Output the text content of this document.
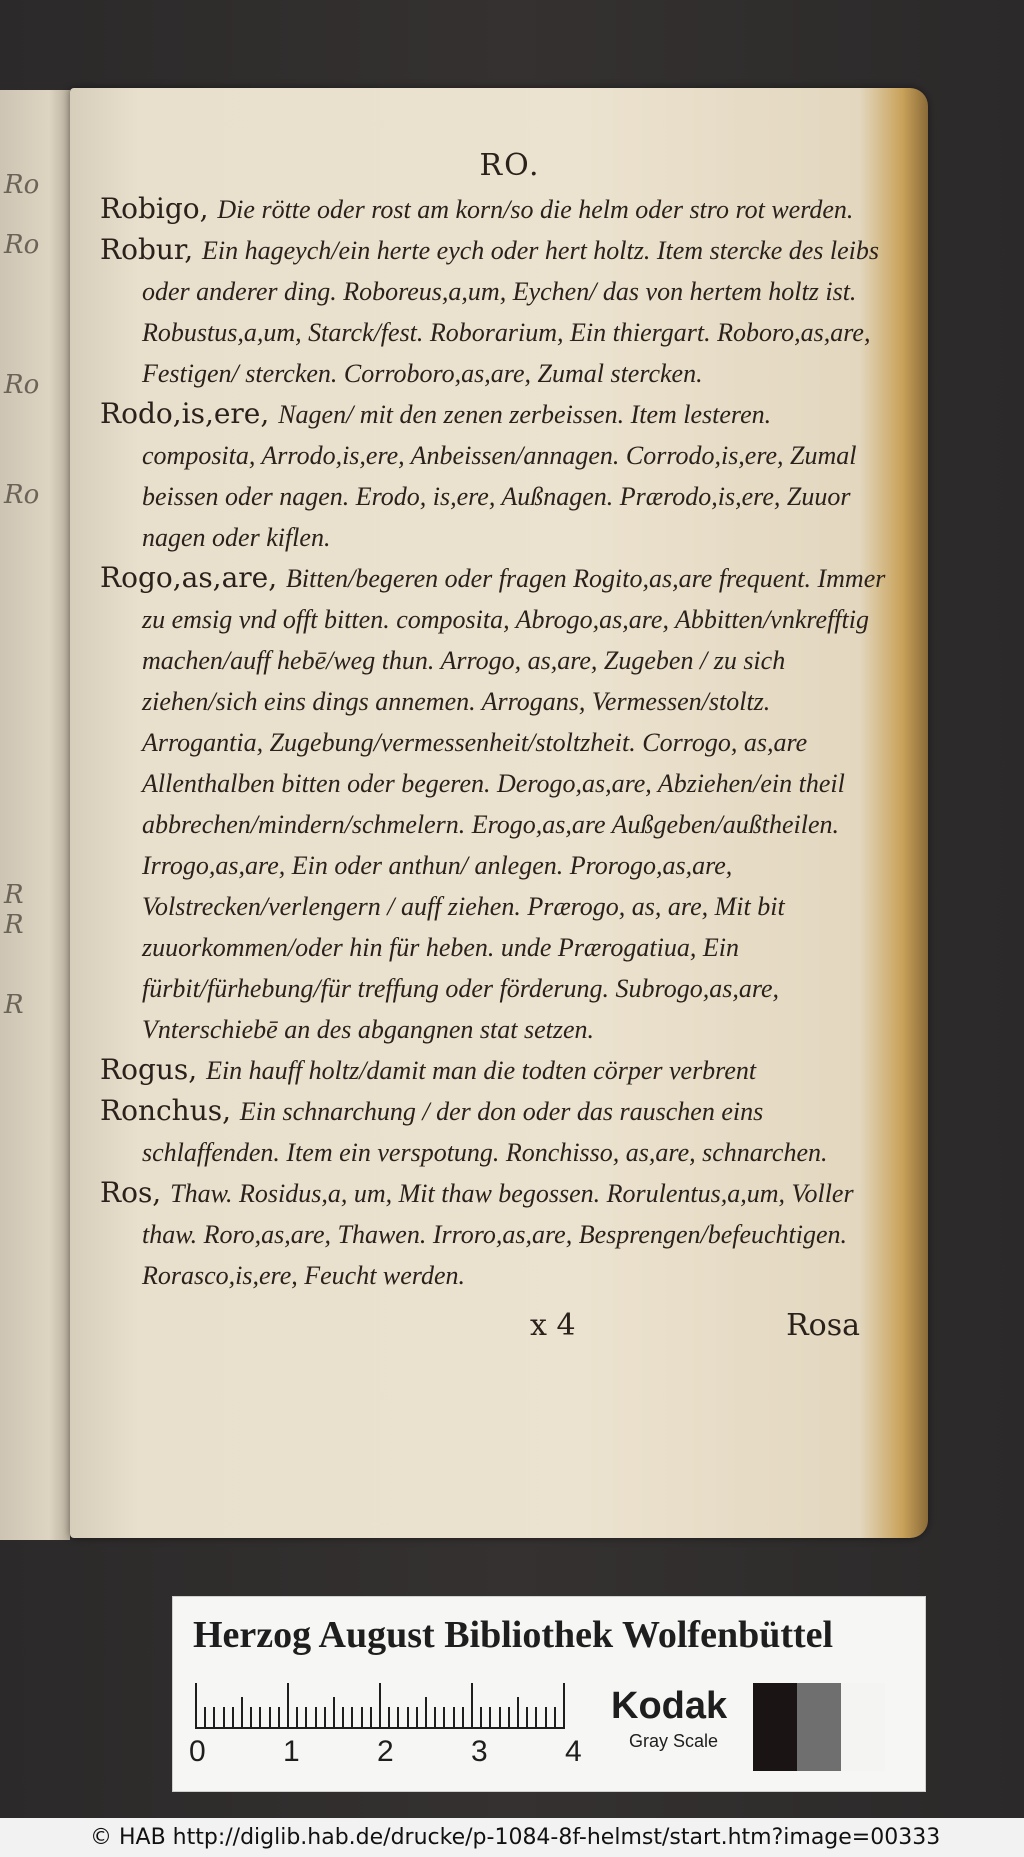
Ro
Ro
Ro
Ro
R
R
R
RO.

Robigo, Die rötte oder rost am korn/so die helm oder stro rot werden.

Robur, Ein hageych/ein herte eych oder hert holtz. Item stercke des leibs oder anderer ding. Roboreus,a,um, Eychen/ das von hertem holtz ist. Robustus,a,um, Starck/fest. Roborarium, Ein thiergart. Roboro,as,are, Festigen/ stercken. Corroboro,as,are, Zumal stercken.

Rodo,is,ere, Nagen/ mit den zenen zerbeissen. Item lesteren. composita, Arrodo,is,ere, Anbeissen/annagen. Corrodo,is,ere, Zumal beissen oder nagen. Erodo, is,ere, Außnagen. Prærodo,is,ere, Zuuor nagen oder kiflen.

Rogo,as,are, Bitten/begeren oder fragen Rogito,as,are frequent. Immer zu emsig vnd offt bitten. composita, Abrogo,as,are, Abbitten/vnkrefftig machen/auff hebē/weg thun. Arrogo, as,are, Zugeben / zu sich ziehen/sich eins dings annemen. Arrogans, Vermessen/stoltz. Arrogantia, Zugebung/vermessenheit/stoltzheit. Corrogo, as,are Allenthalben bitten oder begeren. Derogo,as,are, Abziehen/ein theil abbrechen/mindern/schmelern. Erogo,as,are Außgeben/außtheilen. Irrogo,as,are, Ein oder anthun/ anlegen. Prorogo,as,are, Volstrecken/verlengern / auff ziehen. Prærogo, as, are, Mit bit zuuorkommen/oder hin für heben. unde Prærogatiua, Ein fürbit/fürhebung/für treffung oder förderung. Subrogo,as,are, Vnterschiebē an des abgangnen stat setzen.

Rogus, Ein hauff holtz/damit man die todten cörper verbrent

Ronchus, Ein schnarchung / der don oder das rauschen eins schlaffenden. Item ein verspotung. Ronchisso, as,are, schnarchen.

Ros, Thaw. Rosidus,a, um, Mit thaw begossen. Rorulentus,a,um, Voller thaw. Roro,as,are, Thawen. Irroro,as,are, Besprengen/befeuchtigen. Rorasco,is,ere, Feucht werden.

x 4	Rosa
Herzog August Bibliothek Wolfenbüttel
0	1	2	3	4
Kodak
Gray Scale
© HAB http://diglib.hab.de/drucke/p-1084-8f-helmst/start.htm?image=00333
